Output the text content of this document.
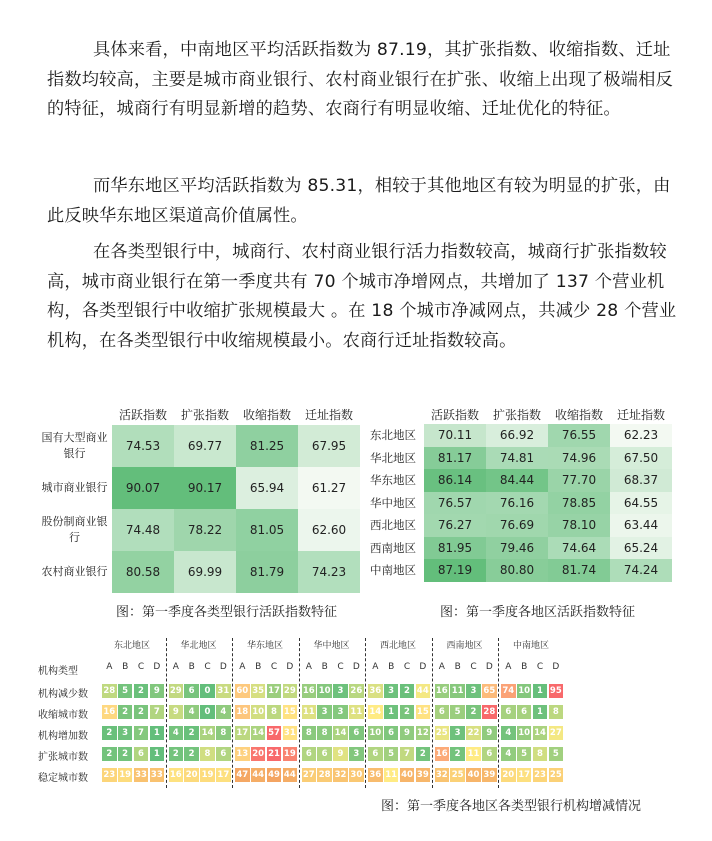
具体来看，中南地区平均活跃指数为 87.19，其扩张指数、收缩指数、迁址指数均较高，主要是城市商业银行、农村商业银行在扩张、收缩上出现了极端相反的特征，城商行有明显新增的趋势、农商行有明显收缩、迁址优化的特征。

而华东地区平均活跃指数为 85.31，相较于其他地区有较为明显的扩张，由此反映华东地区渠道高价值属性。

在各类型银行中，城商行、农村商业银行活力指数较高，城商行扩张指数较高，城市商业银行在第一季度共有 70 个城市净增网点，共增加了 137 个营业机构，各类型银行中收缩扩张规模最大 。在 18 个城市净减网点，共减少 28 个营业机构，在各类型银行中收缩规模最小。农商行迁址指数较高。

	活跃指数	扩张指数	收缩指数	迁址指数
国有大型商业银行	74.53	69.77	81.25	67.95
城市商业银行	90.07	90.17	65.94	61.27
股份制商业银行	74.48	78.22	81.05	62.60
农村商业银行	80.58	69.99	81.79	74.23
图：第一季度各类型银行活跃指数特征
	活跃指数	扩张指数	收缩指数	迁址指数
东北地区	70.11	66.92	76.55	62.23
华北地区	81.17	74.81	74.96	67.50
华东地区	86.14	84.44	77.70	68.37
华中地区	76.57	76.16	78.85	64.55
西北地区	76.27	76.69	78.10	63.44
西南地区	81.95	79.46	74.64	65.24
中南地区	87.19	80.80	81.74	74.24
图：第一季度各地区活跃指数特征
机构类型
东北地区
A	B	C	D
华北地区
A	B	C	D
华东地区
A	B	C	D
华中地区
A	B	C	D
西北地区
A	B	C	D
西南地区
A	B	C	D
中南地区
A	B	C	D
机构减少数	28 5	2	9	29 6	0 31 60 35 17 29 16 10 3 26 36 3	2 44 16 11 3 65 74 10 1 95
收缩城市数	16 2	2	7	9	4	0	4	18 10 8 15 11 3	3 11 14 1	2 15	6	5	2 28	6	6	1	8
机构增加数	2	3	7	1	4	2 14 8	17 14 57 31	8	8 14 6	10 6	9 12 25 3 22 9	4 10 14 27
扩张城市数	2	2	6	1	2	2	8	6	13 20 21 19	6	6	9	3	6	5	7	2	16 2 11 6	4	5	8	5
稳定城市数	23 19 33 33 16 20 19 17 47 44 49 44 27 28 32 30 36 11 40 39 32 25 40 39 20 17 23 25
图：第一季度各地区各类型银行机构增减情况
